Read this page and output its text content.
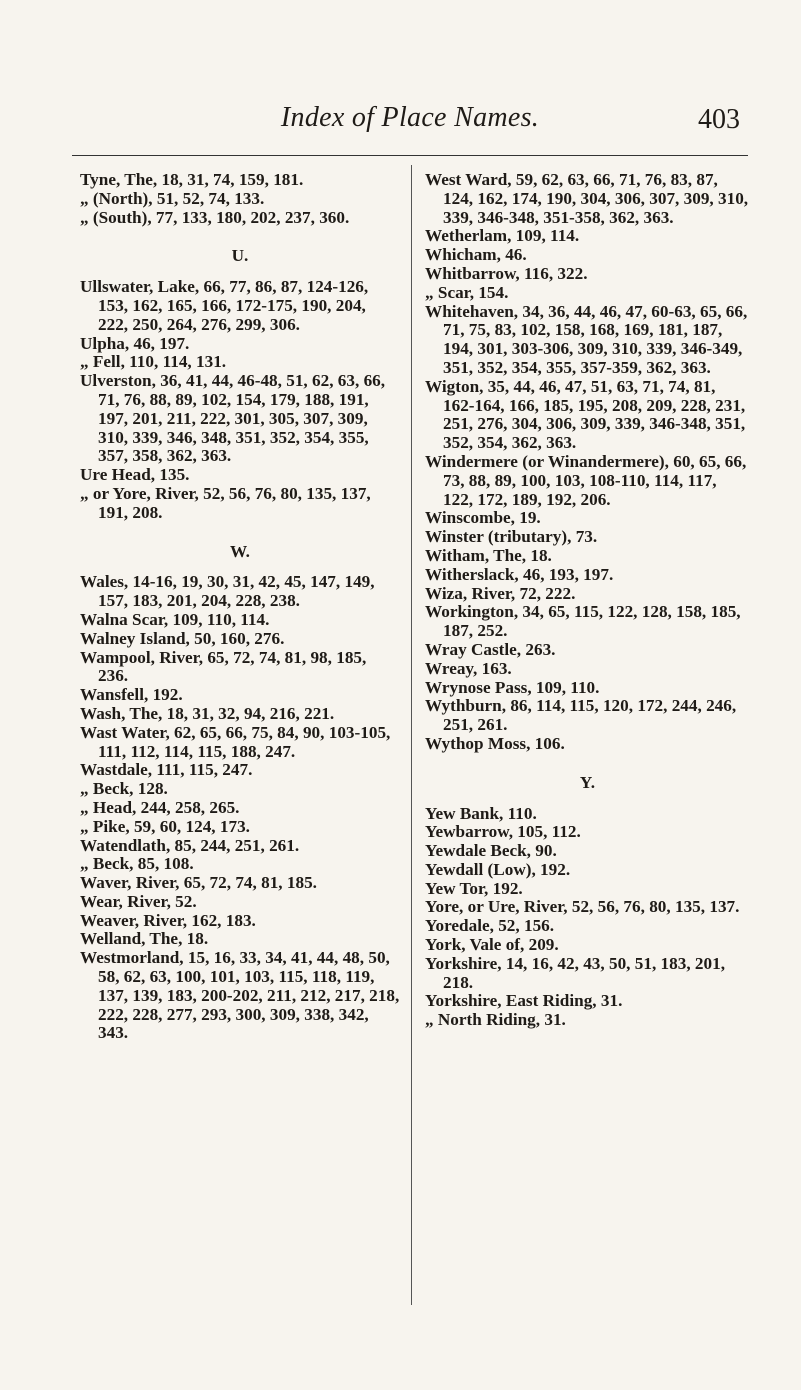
Index of Place Names.	403

Tyne, The, 18, 31, 74, 159, 181.

„ (North), 51, 52, 74, 133.

„ (South), 77, 133, 180, 202, 237, 360.

U.

Ullswater, Lake, 66, 77, 86, 87, 124-126, 153, 162, 165, 166, 172-175, 190, 204, 222, 250, 264, 276, 299, 306.

Ulpha, 46, 197.

„ Fell, 110, 114, 131.

Ulverston, 36, 41, 44, 46-48, 51, 62, 63, 66, 71, 76, 88, 89, 102, 154, 179, 188, 191, 197, 201, 211, 222, 301, 305, 307, 309, 310, 339, 346, 348, 351, 352, 354, 355, 357, 358, 362, 363.

Ure Head, 135.

„ or Yore, River, 52, 56, 76, 80, 135, 137, 191, 208.

W.

Wales, 14-16, 19, 30, 31, 42, 45, 147, 149, 157, 183, 201, 204, 228, 238.

Walna Scar, 109, 110, 114.

Walney Island, 50, 160, 276.

Wampool, River, 65, 72, 74, 81, 98, 185, 236.

Wansfell, 192.

Wash, The, 18, 31, 32, 94, 216, 221.

Wast Water, 62, 65, 66, 75, 84, 90, 103-105, 111, 112, 114, 115, 188, 247.

Wastdale, 111, 115, 247.

„ Beck, 128.

„ Head, 244, 258, 265.

„ Pike, 59, 60, 124, 173.

Watendlath, 85, 244, 251, 261.

„ Beck, 85, 108.

Waver, River, 65, 72, 74, 81, 185.

Wear, River, 52.

Weaver, River, 162, 183.

Welland, The, 18.

Westmorland, 15, 16, 33, 34, 41, 44, 48, 50, 58, 62, 63, 100, 101, 103, 115, 118, 119, 137, 139, 183, 200-202, 211, 212, 217, 218, 222, 228, 277, 293, 300, 309, 338, 342, 343.

West Ward, 59, 62, 63, 66, 71, 76, 83, 87, 124, 162, 174, 190, 304, 306, 307, 309, 310, 339, 346-348, 351-358, 362, 363.

Wetherlam, 109, 114.

Whicham, 46.

Whitbarrow, 116, 322.

„ Scar, 154.

Whitehaven, 34, 36, 44, 46, 47, 60-63, 65, 66, 71, 75, 83, 102, 158, 168, 169, 181, 187, 194, 301, 303-306, 309, 310, 339, 346-349, 351, 352, 354, 355, 357-359, 362, 363.

Wigton, 35, 44, 46, 47, 51, 63, 71, 74, 81, 162-164, 166, 185, 195, 208, 209, 228, 231, 251, 276, 304, 306, 309, 339, 346-348, 351, 352, 354, 362, 363.

Windermere (or Winandermere), 60, 65, 66, 73, 88, 89, 100, 103, 108-110, 114, 117, 122, 172, 189, 192, 206.

Winscombe, 19.

Winster (tributary), 73.

Witham, The, 18.

Witherslack, 46, 193, 197.

Wiza, River, 72, 222.

Workington, 34, 65, 115, 122, 128, 158, 185, 187, 252.

Wray Castle, 263.

Wreay, 163.

Wrynose Pass, 109, 110.

Wythburn, 86, 114, 115, 120, 172, 244, 246, 251, 261.

Wythop Moss, 106.

Y.

Yew Bank, 110.

Yewbarrow, 105, 112.

Yewdale Beck, 90.

Yewdall (Low), 192.

Yew Tor, 192.

Yore, or Ure, River, 52, 56, 76, 80, 135, 137.

Yoredale, 52, 156.

York, Vale of, 209.

Yorkshire, 14, 16, 42, 43, 50, 51, 183, 201, 218.

Yorkshire, East Riding, 31.

„ North Riding, 31.
